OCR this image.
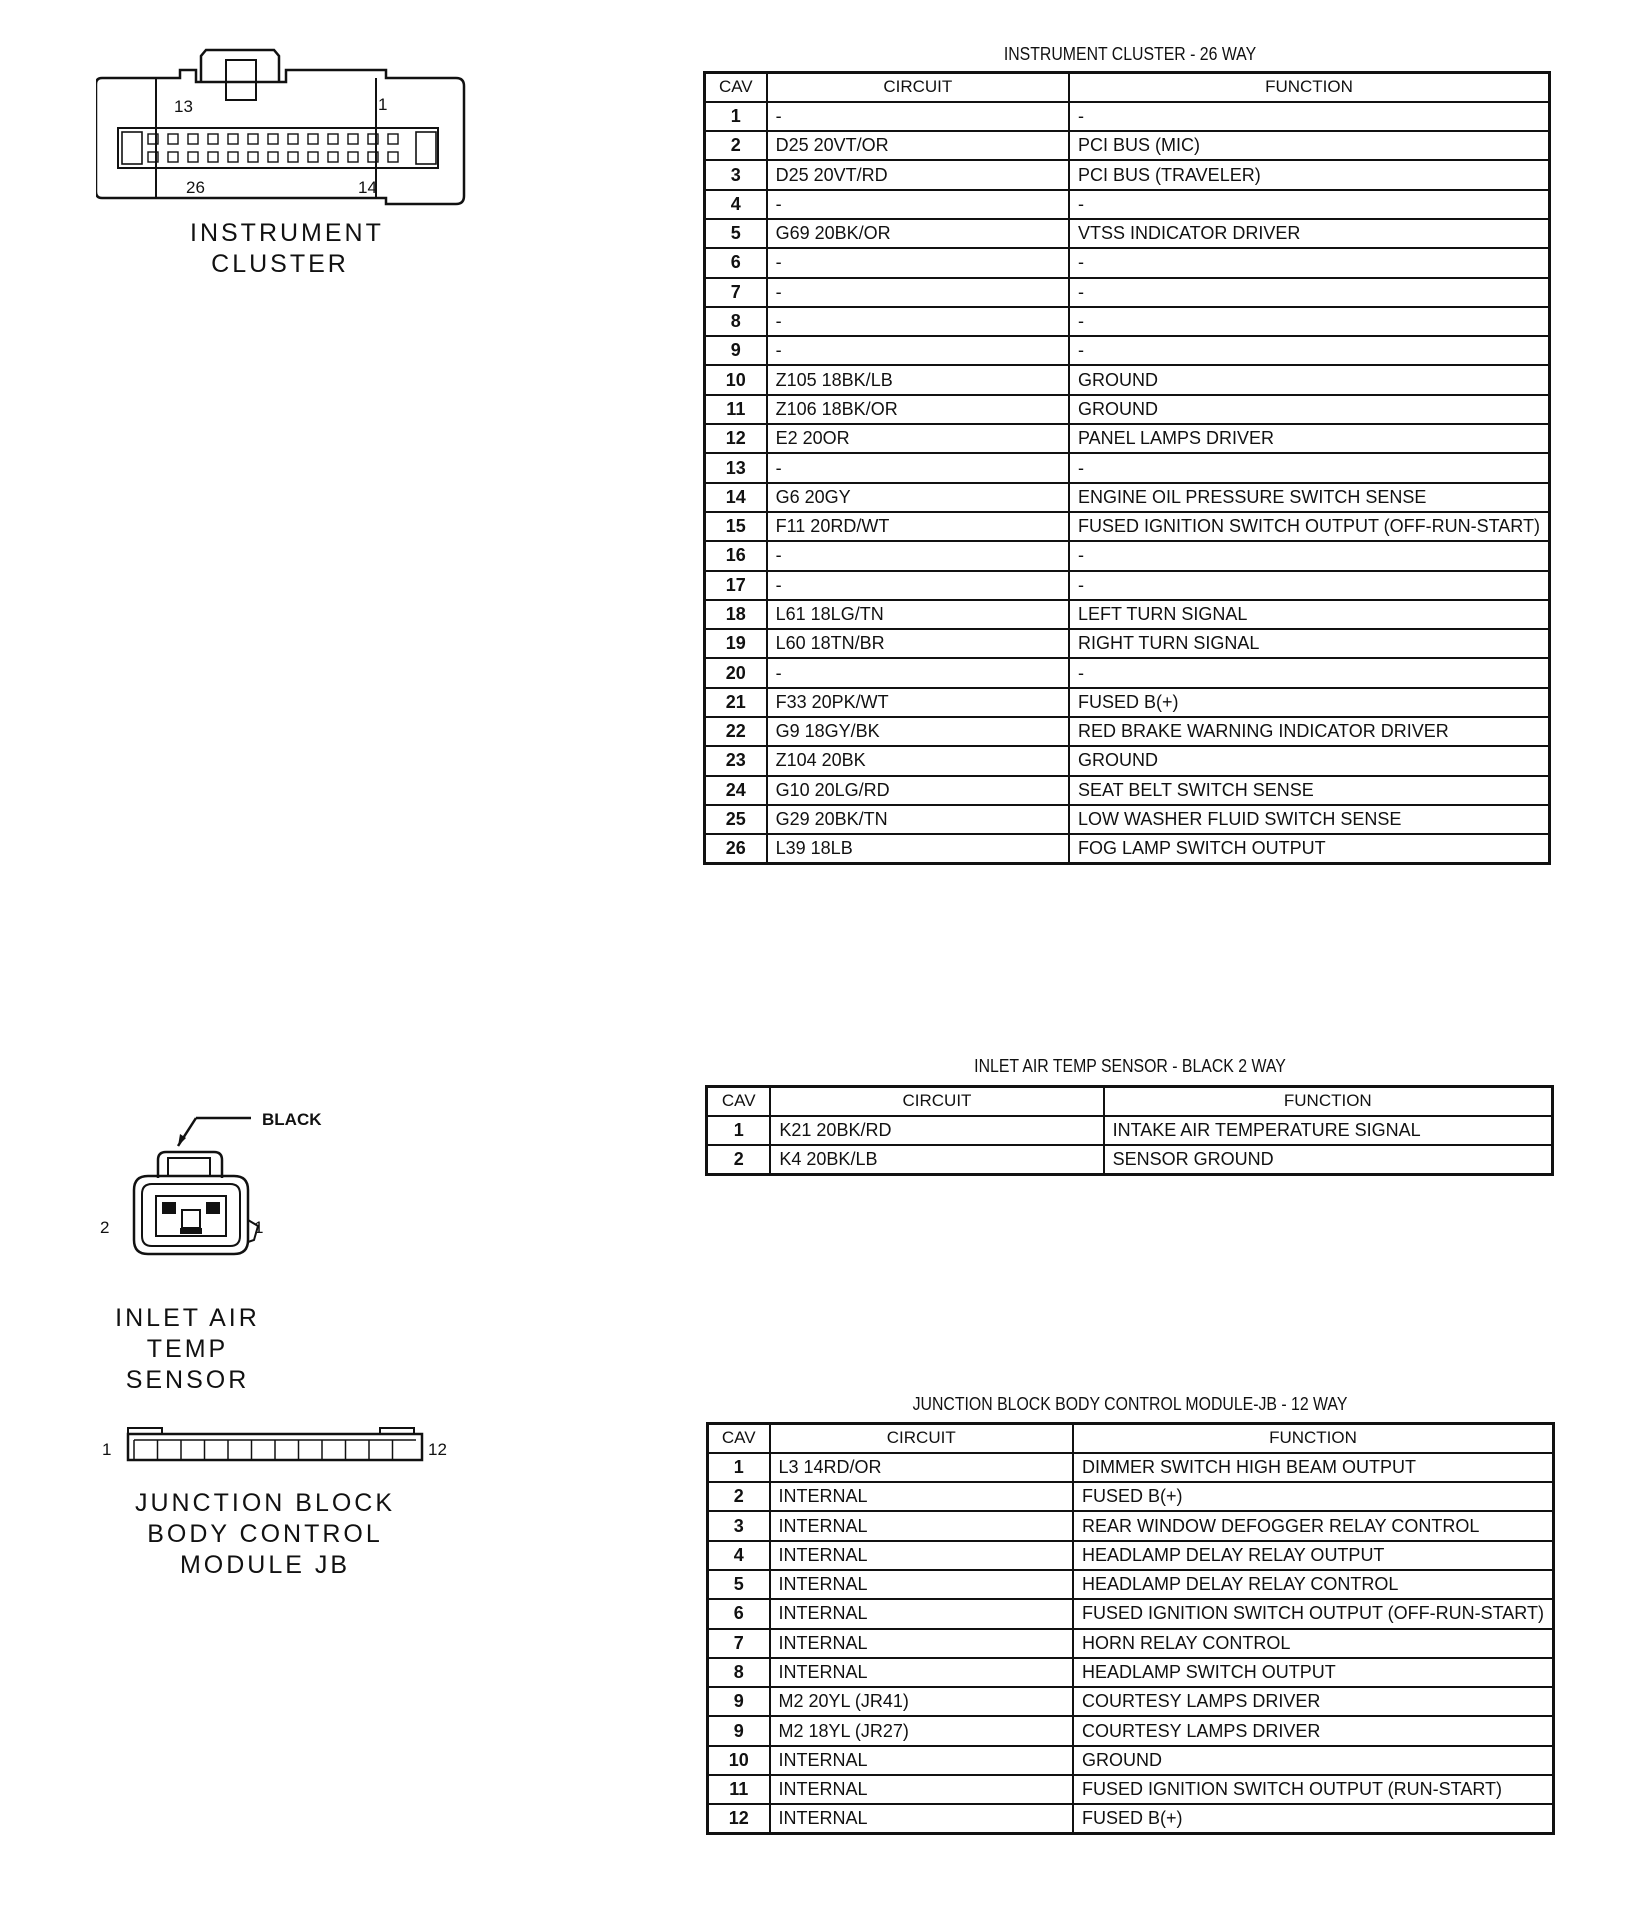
13	1
26	14
INSTRUMENT
CLUSTER
INSTRUMENT CLUSTER - 26 WAY
CAV	CIRCUIT	FUNCTION
1	-	-
2	D25 20VT/OR	PCI BUS (MIC)
3	D25 20VT/RD	PCI BUS (TRAVELER)
4	-	-
5	G69 20BK/OR	VTSS INDICATOR DRIVER
6	-	-
7	-	-
8	-	-
9	-	-
10	Z105 18BK/LB	GROUND
11	Z106 18BK/OR	GROUND
12	E2 20OR	PANEL LAMPS DRIVER
13	-	-
14	G6 20GY	ENGINE OIL PRESSURE SWITCH SENSE
15	F11 20RD/WT	FUSED IGNITION SWITCH OUTPUT (OFF-RUN-START)
16	-	-
17	-	-
18	L61 18LG/TN	LEFT TURN SIGNAL
19	L60 18TN/BR	RIGHT TURN SIGNAL
20	-	-
21	F33 20PK/WT	FUSED B(+)
22	G9 18GY/BK	RED BRAKE WARNING INDICATOR DRIVER
23	Z104 20BK	GROUND
24	G10 20LG/RD	SEAT BELT SWITCH SENSE
25	G29 20BK/TN	LOW WASHER FLUID SWITCH SENSE
26	L39 18LB	FOG LAMP SWITCH OUTPUT
BLACK
2	1
INLET AIR
TEMP
SENSOR
INLET AIR TEMP SENSOR - BLACK 2 WAY
CAV	CIRCUIT	FUNCTION
1	K21 20BK/RD	INTAKE AIR TEMPERATURE SIGNAL
2	K4 20BK/LB	SENSOR GROUND
1	12
JUNCTION BLOCK
BODY CONTROL
MODULE JB
JUNCTION BLOCK BODY CONTROL MODULE-JB - 12 WAY
CAV	CIRCUIT	FUNCTION
1	L3 14RD/OR	DIMMER SWITCH HIGH BEAM OUTPUT
2	INTERNAL	FUSED B(+)
3	INTERNAL	REAR WINDOW DEFOGGER RELAY CONTROL
4	INTERNAL	HEADLAMP DELAY RELAY OUTPUT
5	INTERNAL	HEADLAMP DELAY RELAY CONTROL
6	INTERNAL	FUSED IGNITION SWITCH OUTPUT (OFF-RUN-START)
7	INTERNAL	HORN RELAY CONTROL
8	INTERNAL	HEADLAMP SWITCH OUTPUT
9	M2 20YL (JR41)	COURTESY LAMPS DRIVER
9	M2 18YL (JR27)	COURTESY LAMPS DRIVER
10	INTERNAL	GROUND
11	INTERNAL	FUSED IGNITION SWITCH OUTPUT (RUN-START)
12	INTERNAL	FUSED B(+)
